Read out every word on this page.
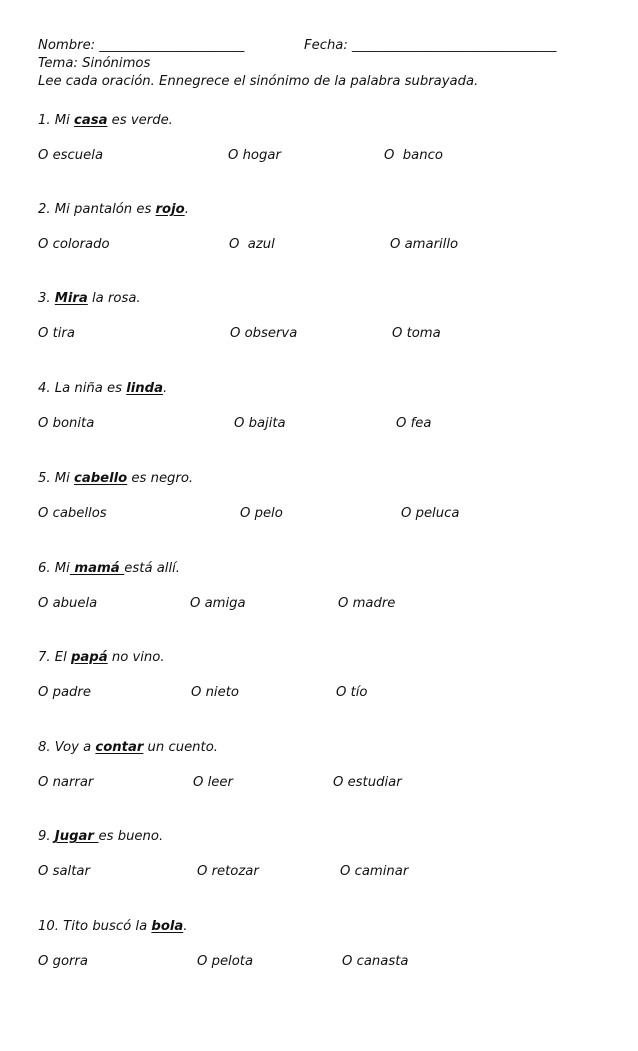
Nombre: ______________________	Fecha: _______________________________
Tema: Sinónimos
Lee cada oración. Ennegrece el sinónimo de la palabra subrayada.
1. Mi casa es verde.
O escuela	O hogar	O  banco
2. Mi pantalón es rojo.
O colorado	O  azul	O amarillo
3. Mira la rosa.
O tira	O observa	O toma
4. La niña es linda.
O bonita	O bajita	O fea
5. Mi cabello es negro.
O cabellos	O pelo	O peluca
6. Mi mamá está allí.
O abuela	O amiga	O madre
7. El papá no vino.
O padre	O nieto	O tío
8. Voy a contar un cuento.
O narrar	O leer	O estudiar
9. Jugar es bueno.
O saltar	O retozar	O caminar
10. Tito buscó la bola.
O gorra	O pelota	O canasta
